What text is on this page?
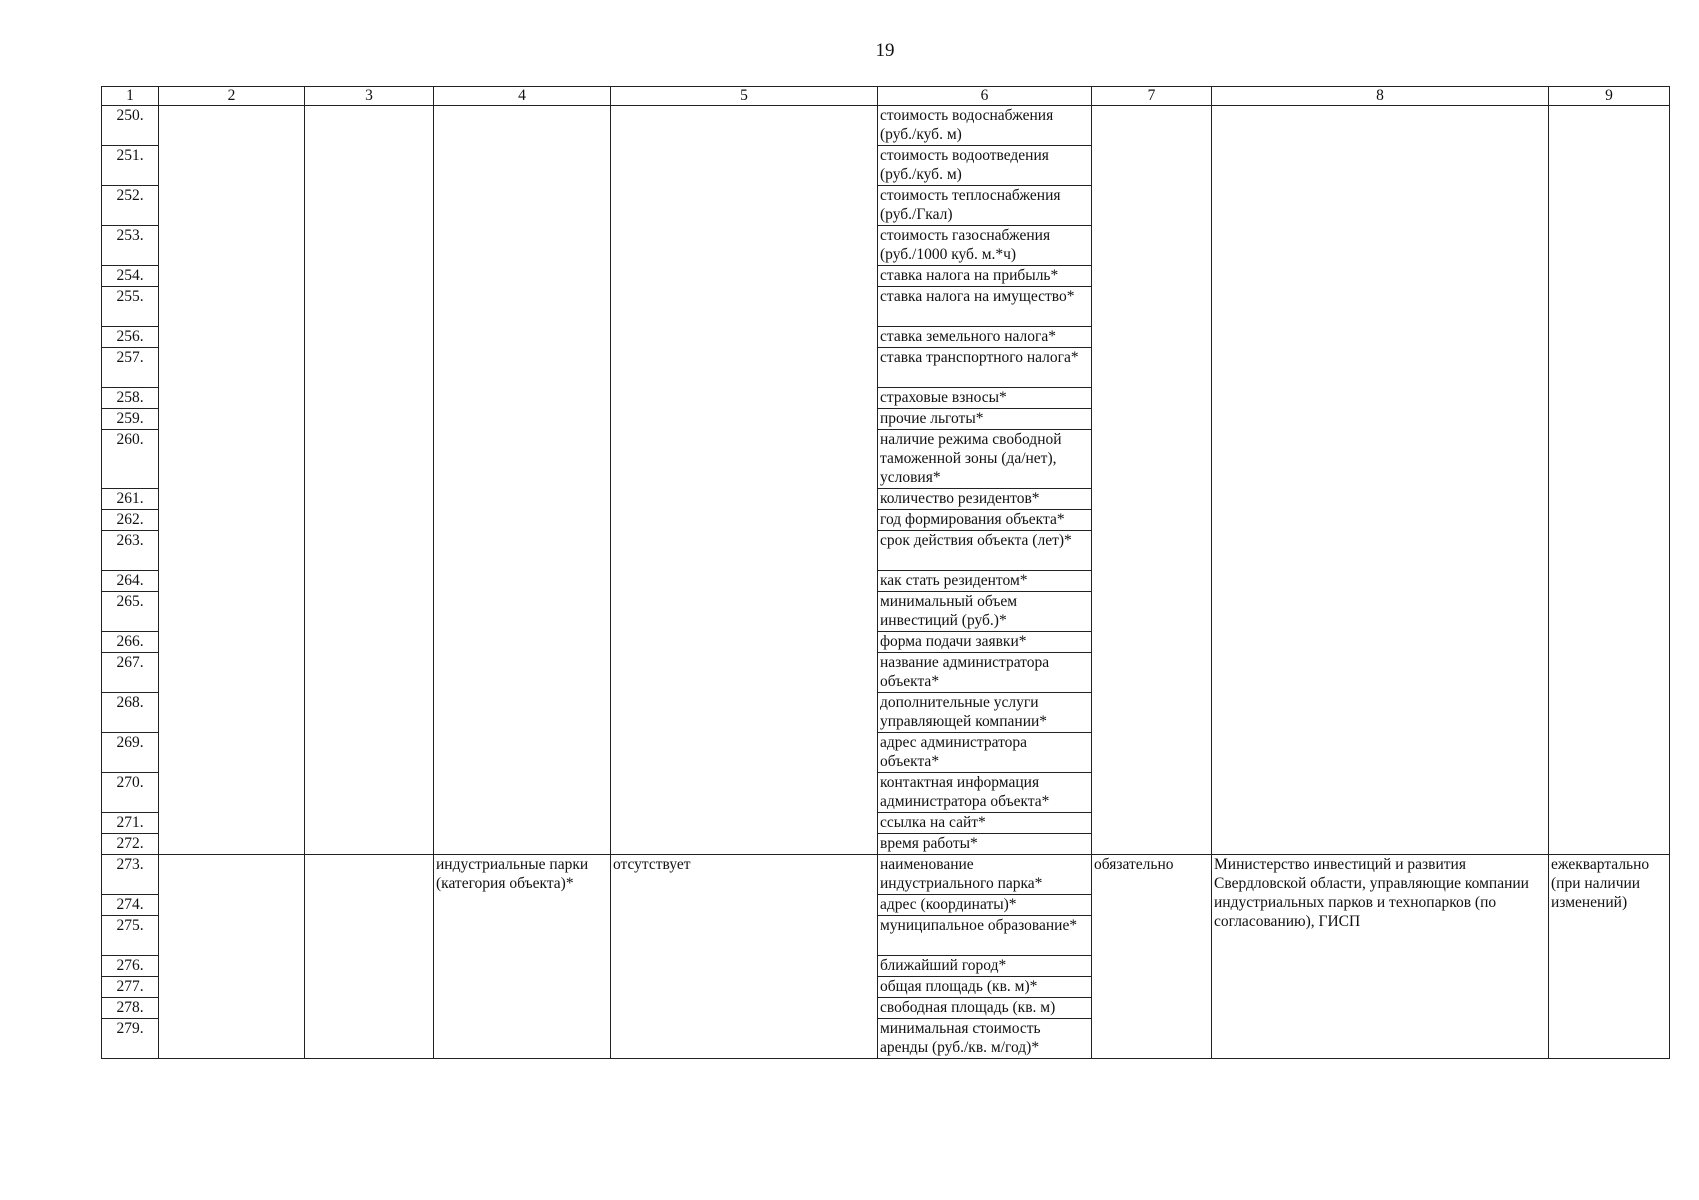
19
1	2	3	4	5	6	7	8	9
250.					стоимость водоснабжения (руб./куб. м)			
251.					стоимость водоотведения (руб./куб. м)			
252.					стоимость теплоснабжения (руб./Гкал)			
253.					стоимость газоснабжения (руб./1000 куб. м.*ч)			
254.					ставка налога на прибыль*			
255.					ставка налога на имущество*			
256.					ставка земельного налога*			
257.					ставка транспортного налога*			
258.					страховые взносы*			
259.					прочие льготы*			
260.					наличие режима свободной таможенной зоны (да/нет), условия*			
261.					количество резидентов*			
262.					год формирования объекта*			
263.					срок действия объекта (лет)*			
264.					как стать резидентом*			
265.					минимальный объем инвестиций (руб.)*			
266.					форма подачи заявки*			
267.					название администратора объекта*			
268.					дополнительные услуги управляющей компании*			
269.					адрес администратора объекта*			
270.					контактная информация администратора объекта*			
271.					ссылка на сайт*			
272.					время работы*			
273.			индустриальные парки (категория объекта)*	отсутствует	наименование индустриального парка*	обязательно	Министерство инвестиций и развития Свердловской области, управляющие компании индустриальных парков и технопарков (по согласованию), ГИСП	ежеквартально (при наличии изменений)
274.					адрес (координаты)*			
275.					муниципальное образование*			
276.					ближайший город*			
277.					общая площадь (кв. м)*			
278.					свободная площадь (кв. м)			
279.					минимальная стоимость аренды (руб./кв. м/год)*			
